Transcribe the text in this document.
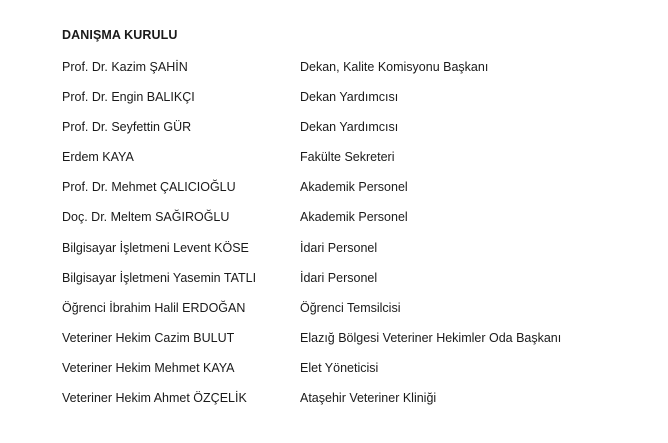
DANIŞMA KURULU
Prof. Dr. Kazim ŞAHİN	Dekan, Kalite Komisyonu Başkanı
Prof. Dr. Engin BALIKÇI	Dekan Yardımcısı
Prof. Dr. Seyfettin GÜR	Dekan Yardımcısı
Erdem KAYA	Fakülte Sekreteri
Prof. Dr. Mehmet ÇALICIOĞLU	Akademik Personel
Doç. Dr. Meltem SAĞIROĞLU	Akademik Personel
Bilgisayar İşletmeni Levent KÖSE	İdari Personel
Bilgisayar İşletmeni Yasemin TATLI	İdari Personel
Öğrenci İbrahim Halil ERDOĞAN	Öğrenci Temsilcisi
Veteriner Hekim Cazim BULUT	Elazığ Bölgesi Veteriner Hekimler Oda Başkanı
Veteriner Hekim Mehmet KAYA	Elet Yöneticisi
Veteriner Hekim Ahmet ÖZÇELİK	Ataşehir Veteriner Kliniği
